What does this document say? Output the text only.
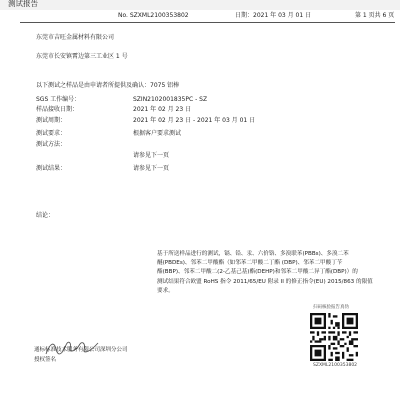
测试报告
No. SZXML2100353802	日期：2021 年 03 月 01 日	第 1 页共 6 页
东莞市吉旺金属材料有限公司
东莞市长安镇霄边第三工业区 1 号
以下测试之样品是由申请者所提供及确认：7075 铝棒
SGS 工作编号：	SZIN2102001835PC - SZ
样品接收日期：	2021 年 02 月 23 日
测试周期：	2021 年 02 月 23 日 - 2021 年 03 月 01 日
测试要求：	根据客户要求测试
测试方法：
请参见下一页
测试结果：	请参见下一页
结论：
基于所送样品进行的测试，镉、铅、汞、六价铬、多溴联苯(PBBs)、多溴二苯
醚(PBDEs)、邻苯二甲酸酯（如邻苯二甲酸二丁酯 (DBP)、邻苯二甲酸丁苄
酯(BBP)、邻苯二甲酸二(2-乙基己基)酯(DEHP)和邻苯二甲酸二异丁酯(DBP)）的
测试结果符合欧盟 RoHS 指令 2011/65/EU 附录 II 的修正指令(EU) 2015/863 的限值
要求。
扫码核验报告真伪
SZXML2100353802
通标标准技术服务有限公司深圳分公司
授权签名
